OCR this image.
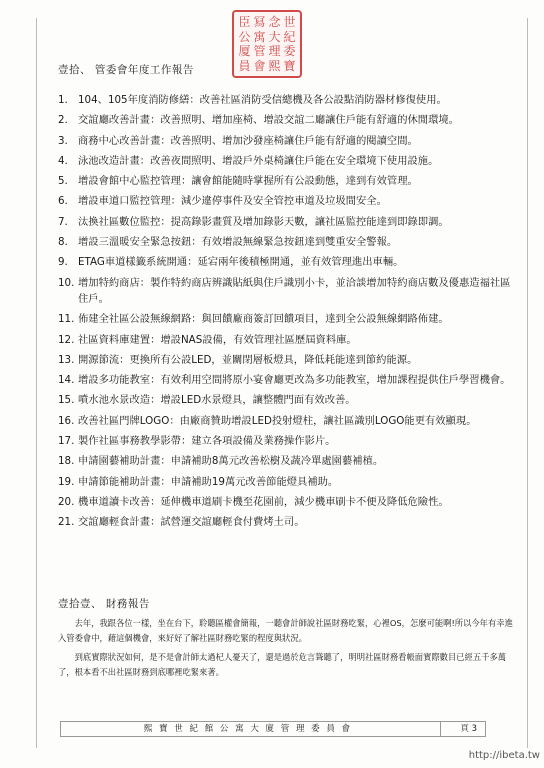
臣 冩 念 世
公 寓 大 紀
厦 管 理 委
員 會 熙 寶
壹拾、 管委會年度工作報告
1. 104、105年度消防修繕：改善社區消防受信總機及各公設點消防器材修復使用。
2. 交誼廳改善計畫：改善照明、增加座椅、增設交誼二廳讓住戶能有舒適的休閒環境。
3. 商務中心改善計畫：改善照明、增加沙發座椅讓住戶能有舒適的閱讀空間。
4. 泳池改造計畫：改善夜間照明、增設戶外桌椅讓住戶能在安全環境下使用設施。
5. 增設會館中心監控管理：讓會館能隨時掌握所有公設動態，達到有效管理。
6. 增設車道口監控管理：減少違停事件及安全管控車道及垃圾間安全。
7. 汰換社區數位監控：提高錄影畫質及增加錄影天數，讓社區監控能達到即錄即調。
8. 增設三溫暖安全緊急按鈕：有效增設無線緊急按鈕達到雙重安全警報。
9. ETAG車道樣籤系統開通：延宕兩年後積極開通，並有效管理進出車輛。
10. 增加特約商店：製作特約商店辨識貼紙與住戶識別小卡，並洽談增加特約商店數及優惠造福社區住戶。
11. 佈建全社區公設無線網路：與回饋廠商簽訂回饋項目，達到全公設無線網路佈建。
12. 社區資料庫建置：增設NAS設備，有效管理社區歷屆資料庫。
13. 開源節流：更換所有公設LED，並關閉層板燈具，降低耗能達到節約能源。
14. 增設多功能教室：有效利用空間將原小宴會廳更改為多功能教室，增加課程提供住戶學習機會。
15. 噴水池水景改造：增設LED水景燈具，讓整體門面有效改善。
16. 改善社區門牌LOGO：由廠商贊助增設LED投射燈柱，讓社區識別LOGO能更有效顯現。
17. 製作社區事務教學影帶：建立各項設備及業務操作影片。
18. 申請園藝補助計畫：申請補助8萬元改善松樹及蔬冷單處園藝補植。
19. 申請節能補助計畫：申請補助19萬元改善節能燈具補助。
20. 機車道讀卡改善：延伸機車道刷卡機至花園前，減少機車刷卡不便及降低危險性。
21. 交誼廳輕食計畫：試營運交誼廳輕食付費烤土司。
壹拾壹、 財務報告

去年，我跟各位一樣，坐在台下，聆聽區權會簡報，一聽會計師說社區財務吃緊，心裡OS，怎麼可能啊!所以今年有幸進入管委會中，藉這個機會，來好好了解社區財務吃緊的程度與狀況。

到底實際狀況如何，是不是會計師太過杞人憂天了，還是過於危言聳聽了，明明社區財務看帳面實際數目已經五千多萬了，根本看不出社區財務到底哪裡吃緊來著。

熙 寶 世 紀 館 公 寓 大 廈 管 理 委 員 會	頁 3
http://ibeta.tw
